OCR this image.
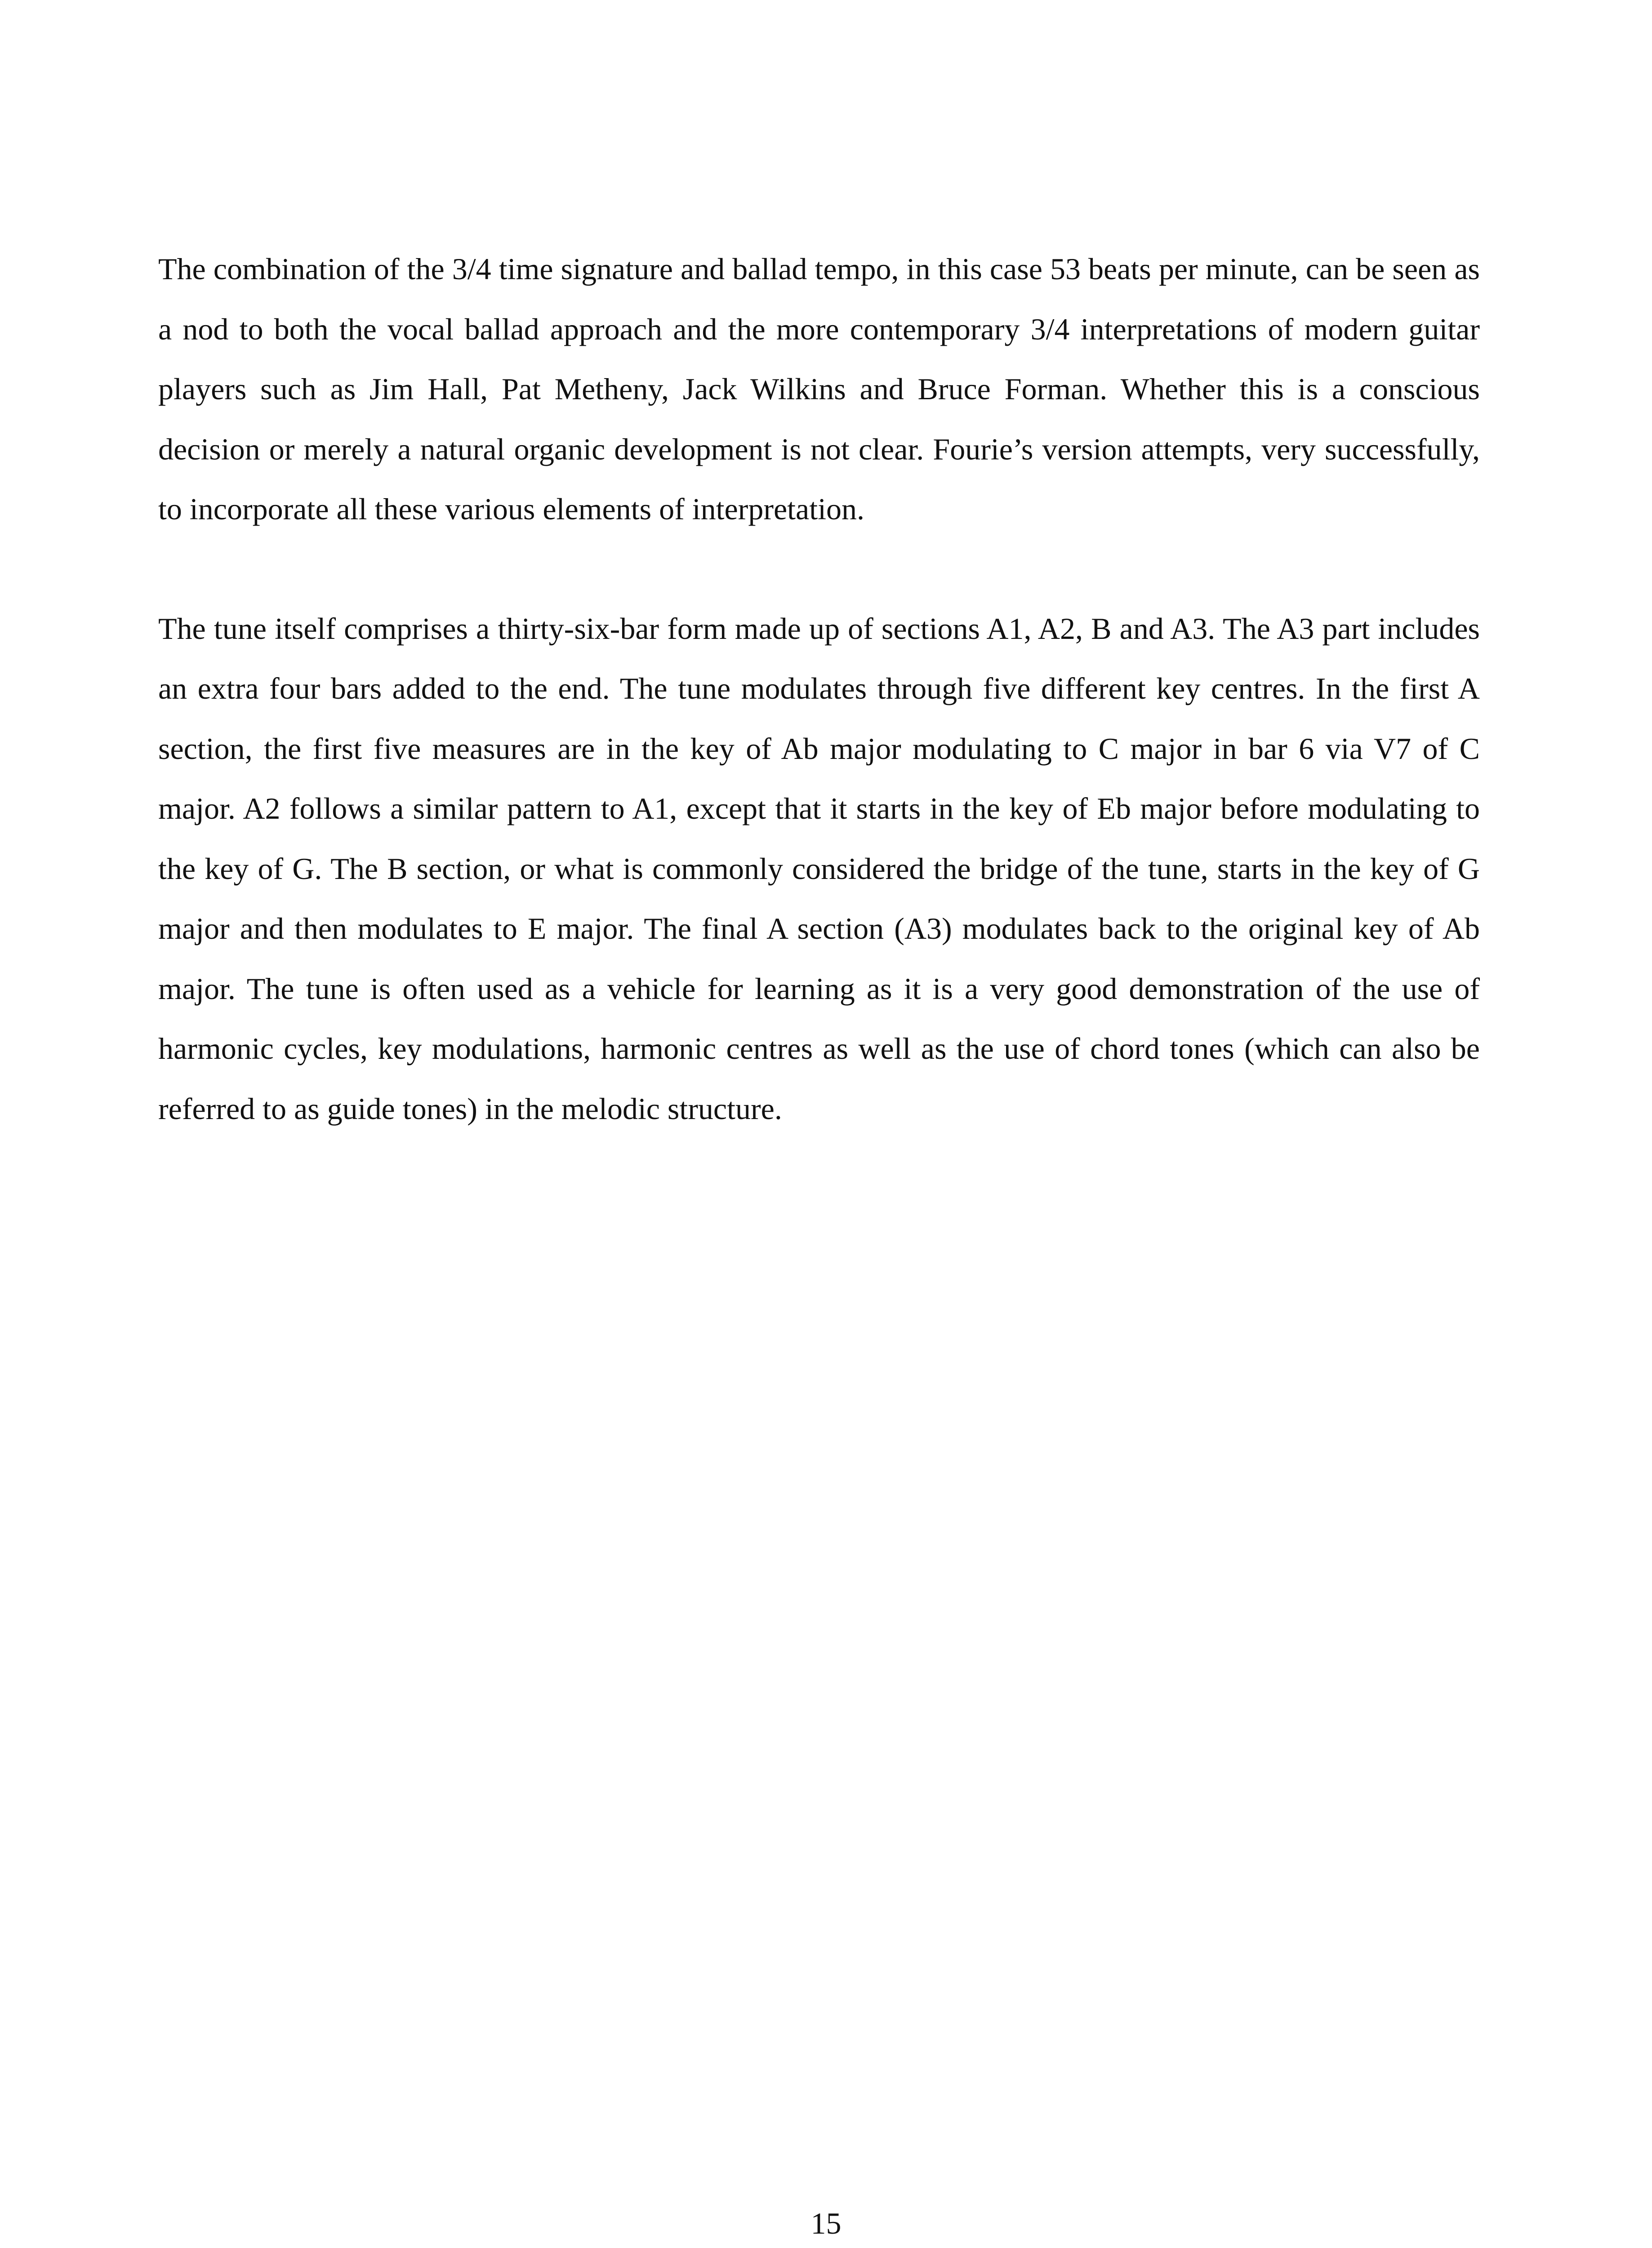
The combination of the 3/4 time signature and ballad tempo, in this case 53 beats per minute, can be seen as a nod to both the vocal ballad approach and the more contemporary 3/4 interpretations of modern guitar players such as Jim Hall, Pat Metheny, Jack Wilkins and Bruce Forman. Whether this is a conscious decision or merely a natural organic development is not clear. Fourie’s version attempts, very successfully, to incorporate all these various elements of interpretation.

The tune itself comprises a thirty-six-bar form made up of sections A1, A2, B and A3. The A3 part includes an extra four bars added to the end. The tune modulates through five different key centres. In the first A section, the first five measures are in the key of Ab major modulating to C major in bar 6 via V7 of C major. A2 follows a similar pattern to A1, except that it starts in the key of Eb major before modulating to the key of G. The B section, or what is commonly considered the bridge of the tune, starts in the key of G major and then modulates to E major. The final A section (A3) modulates back to the original key of Ab major. The tune is often used as a vehicle for learning as it is a very good demonstration of the use of harmonic cycles, key modulations, harmonic centres as well as the use of chord tones (which can also be referred to as guide tones) in the melodic structure.

15
